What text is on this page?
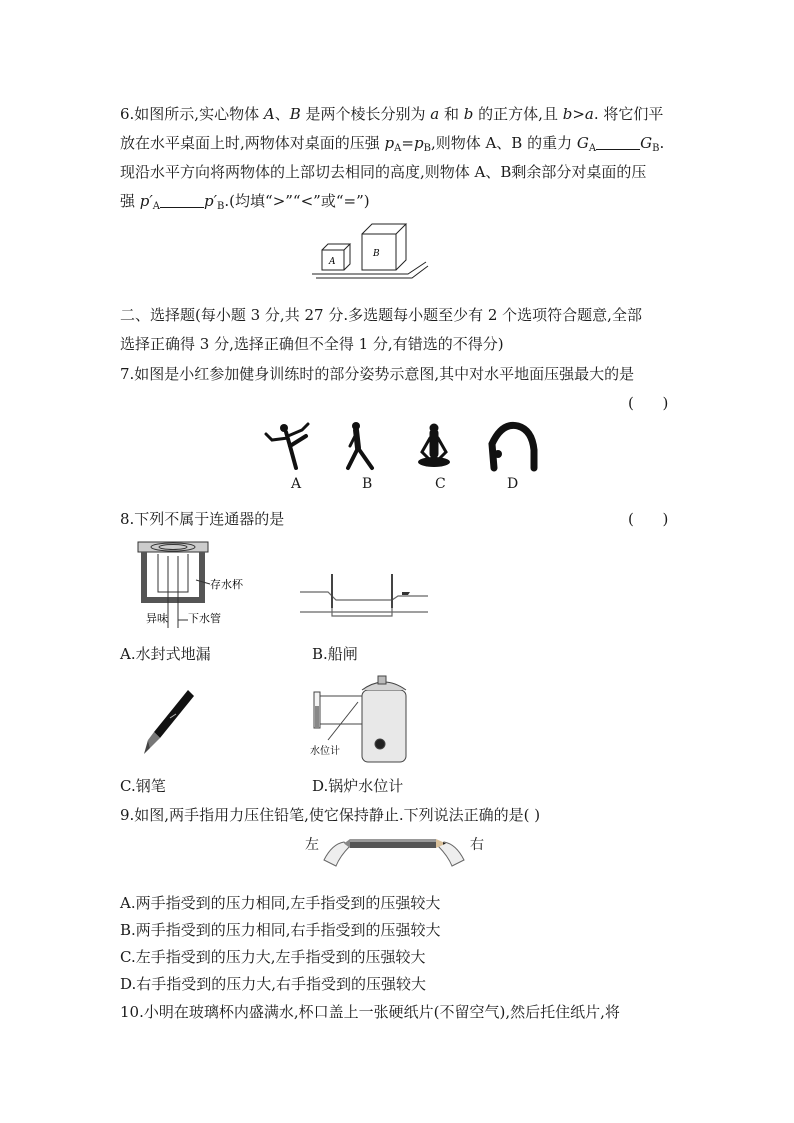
6.如图所示,实心物体 A、B 是两个棱长分别为 a 和 b 的正方体,且 b>a. 将它们平
放在水平桌面上时,两物体对桌面的压强 $p_A=p_B$,则物体 A、B 的重力 $G_A$	$G_B$.
现沿水平方向将两物体的上部切去相同的高度,则物体 A、B剩余部分对桌面的压
强 $p'_A$	$p'_B$.(均填“>”“<”或“=”)
A
B
二、选择题(每小题 3 分,共 27 分.多选题每小题至少有 2 个选项符合题意,全部
选择正确得 3 分,选择正确但不全得 1 分,有错选的不得分)
7.如图是小红参加健身训练时的部分姿势示意图,其中对水平地面压强最大的是
(      )
A	B	C	D
8.下列不属于连通器的是	(      )
存水杯
下水管
异味
A.水封式地漏	B.船闸
水位计
C.钢笔	D.锅炉水位计
9.如图,两手指用力压住铅笔,使它保持静止.下列说法正确的是( )
左	右
A.两手指受到的压力相同,左手指受到的压强较大
B.两手指受到的压力相同,右手指受到的压强较大
C.左手指受到的压力大,左手指受到的压强较大
D.右手指受到的压力大,右手指受到的压强较大
10.小明在玻璃杯内盛满水,杯口盖上一张硬纸片(不留空气),然后托住纸片,将
